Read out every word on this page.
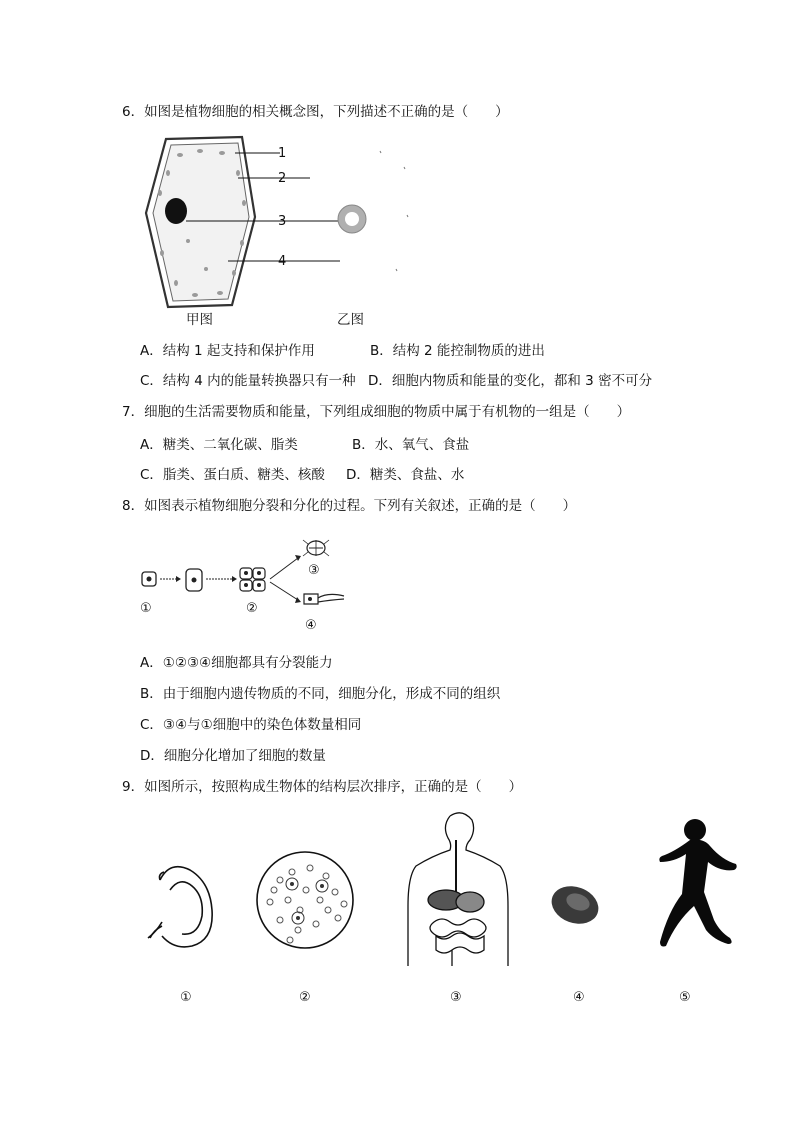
6．如图是植物细胞的相关概念图，下列描述不正确的是（　　）
1
2
3
4
甲图	乙图
A．结构 1 起支持和保护作用	B．结构 2 能控制物质的进出
C．结构 4 内的能量转换器只有一种 D．细胞内物质和能量的变化，都和 3 密不可分
7．细胞的生活需要物质和能量，下列组成细胞的物质中属于有机物的一组是（　　）
A．糖类、二氧化碳、脂类	B．水、氧气、食盐
C．脂类、蛋白质、糖类、核酸 D．糖类、食盐、水
8．如图表示植物细胞分裂和分化的过程。下列有关叙述，正确的是（　　）
①	②
③
④
A．①②③④细胞都具有分裂能力
B．由于细胞内遗传物质的不同，细胞分化，形成不同的组织
C．③④与①细胞中的染色体数量相同
D．细胞分化增加了细胞的数量
9．如图所示，按照构成生物体的结构层次排序，正确的是（　　）
①	②	③	④	⑤
